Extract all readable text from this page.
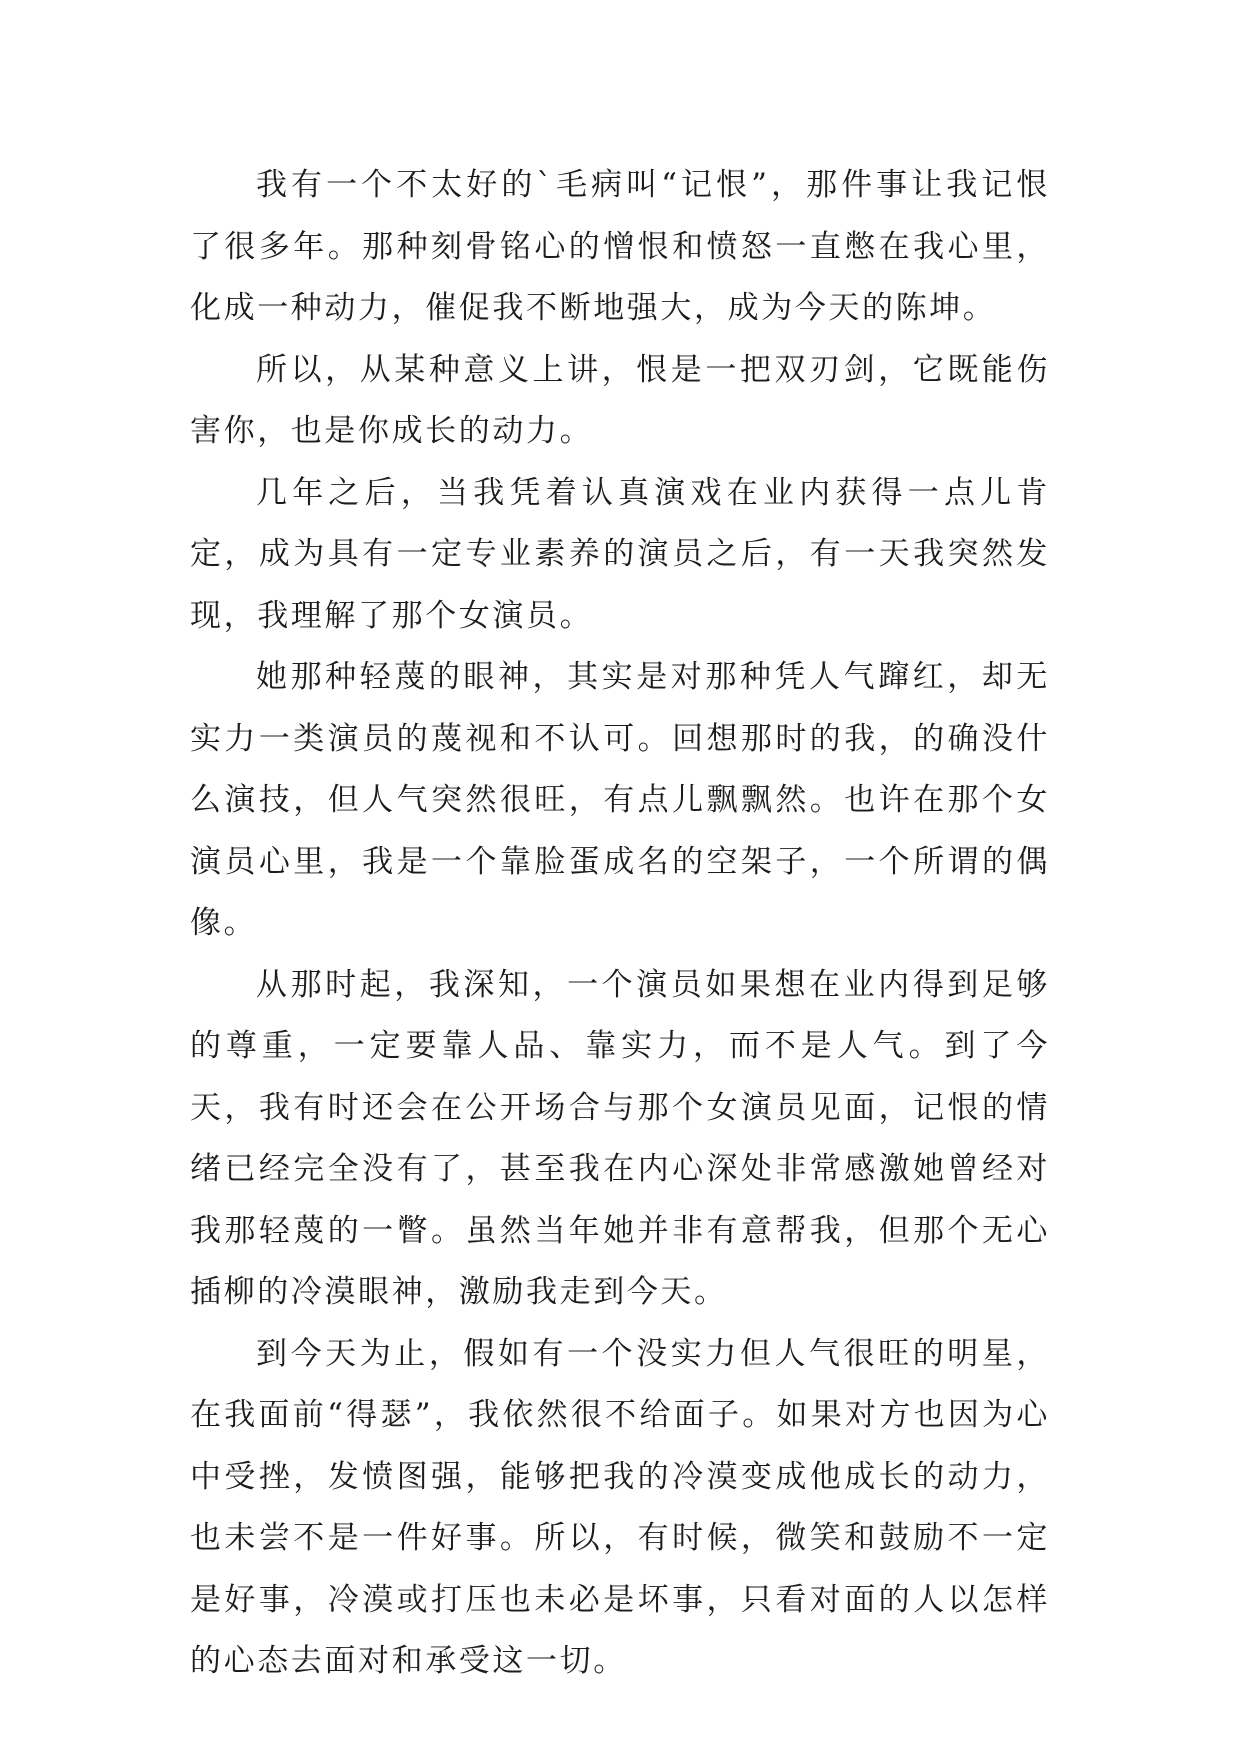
我有一个不太好的`毛病叫“记恨”，那件事让我记恨了很多年。那种刻骨铭心的憎恨和愤怒一直憋在我心里，化成一种动力，催促我不断地强大，成为今天的陈坤。

所以，从某种意义上讲，恨是一把双刃剑，它既能伤害你，也是你成长的动力。

几年之后，当我凭着认真演戏在业内获得一点儿肯定，成为具有一定专业素养的演员之后，有一天我突然发现，我理解了那个女演员。

她那种轻蔑的眼神，其实是对那种凭人气蹿红，却无实力一类演员的蔑视和不认可。回想那时的我，的确没什么演技，但人气突然很旺，有点儿飘飘然。也许在那个女演员心里，我是一个靠脸蛋成名的空架子，一个所谓的偶像。

从那时起，我深知，一个演员如果想在业内得到足够的尊重，一定要靠人品、靠实力，而不是人气。到了今天，我有时还会在公开场合与那个女演员见面，记恨的情绪已经完全没有了，甚至我在内心深处非常感激她曾经对我那轻蔑的一瞥。虽然当年她并非有意帮我，但那个无心插柳的冷漠眼神，激励我走到今天。

到今天为止，假如有一个没实力但人气很旺的明星，在我面前“得瑟”，我依然很不给面子。如果对方也因为心中受挫，发愤图强，能够把我的冷漠变成他成长的动力，也未尝不是一件好事。所以，有时候，微笑和鼓励不一定是好事，冷漠或打压也未必是坏事，只看对面的人以怎样的心态去面对和承受这一切。
